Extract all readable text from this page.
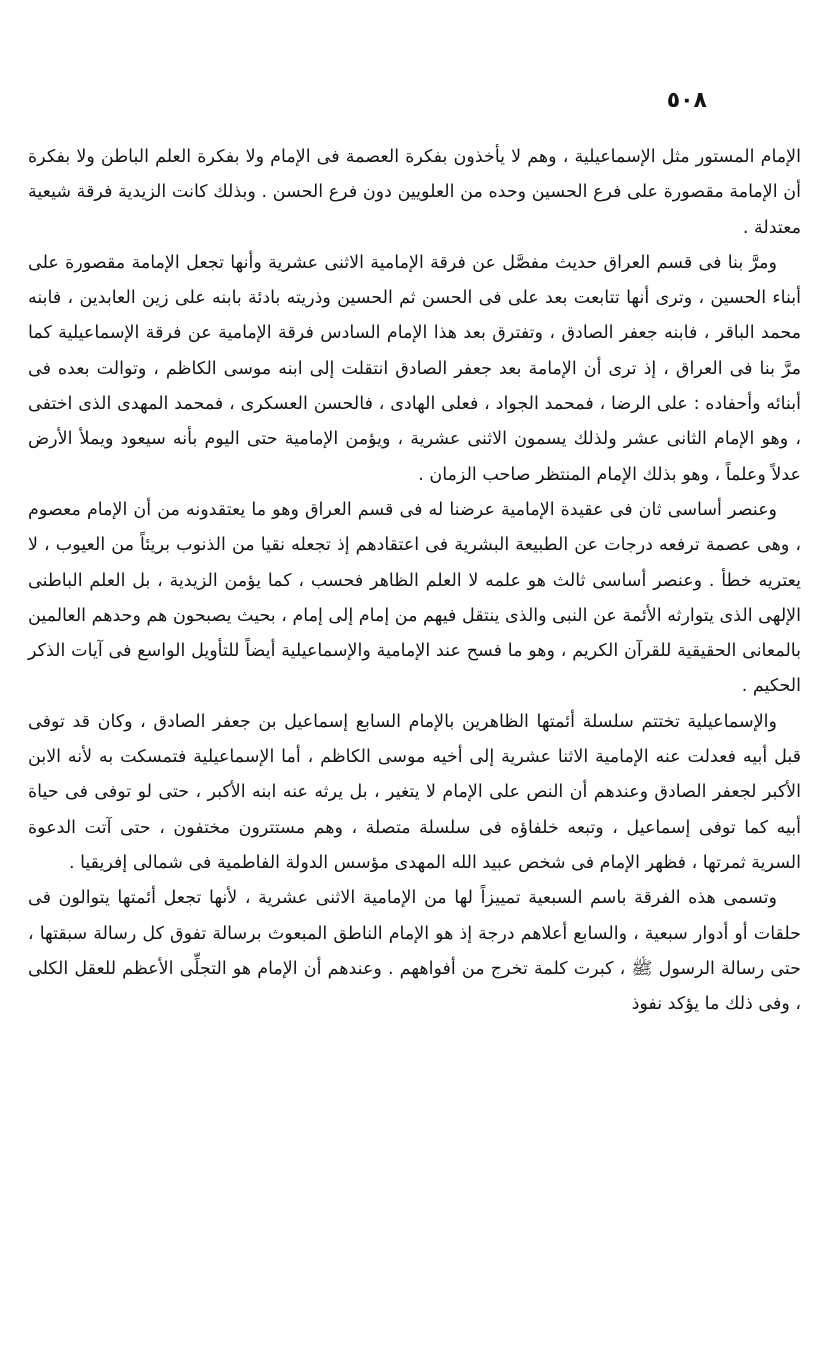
٥٠٨

الإمام المستور مثل الإسماعيلية ، وهم لا يأخذون بفكرة العصمة فى الإمام ولا بفكرة العلم الباطن ولا بفكرة أن الإمامة مقصورة على فرع الحسين وحده من العلويين دون فرع الحسن . وبذلك كانت الزيدية فرقة شيعية معتدلة .

ومرَّ بنا فى قسم العراق حديث مفصَّل عن فرقة الإمامية الاثنى عشرية وأنها تجعل الإمامة مقصورة على أبناء الحسين ، وترى أنها تتابعت بعد على فى الحسن ثم الحسين وذريته بادئة بابنه على زين العابدين ، فابنه محمد الباقر ، فابنه جعفر الصادق ، وتفترق بعد هذا الإمام السادس فرقة الإمامية عن فرقة الإسماعيلية كما مرَّ بنا فى العراق ، إذ ترى أن الإمامة بعد جعفر الصادق انتقلت إلى ابنه موسى الكاظم ، وتوالت بعده فى أبنائه وأحفاده : على الرضا ، فمحمد الجواد ، فعلى الهادى ، فالحسن العسكرى ، فمحمد المهدى الذى اختفى ، وهو الإمام الثانى عشر ولذلك يسمون الاثنى عشرية ، ويؤمن الإمامية حتى اليوم بأنه سيعود ويملأ الأرض عدلاً وعلماً ، وهو بذلك الإمام المنتظر صاحب الزمان .

وعنصر أساسى ثان فى عقيدة الإمامية عرضنا له فى قسم العراق وهو ما يعتقدونه من أن الإمام معصوم ، وهى عصمة ترفعه درجات عن الطبيعة البشرية فى اعتقادهم إذ تجعله نقيا من الذنوب بريئاً من العيوب ، لا يعتريه خطأ . وعنصر أساسى ثالث هو علمه لا العلم الظاهر فحسب ، كما يؤمن الزيدية ، بل العلم الباطنى الإلهى الذى يتوارثه الأئمة عن النبى والذى ينتقل فيهم من إمام إلى إمام ، بحيث يصبحون هم وحدهم العالمين بالمعانى الحقيقية للقرآن الكريم ، وهو ما فسح عند الإمامية والإسماعيلية أيضاً للتأويل الواسع فى آيات الذكر الحكيم .

والإسماعيلية تختتم سلسلة أئمتها الظاهرين بالإمام السابع إسماعيل بن جعفر الصادق ، وكان قد توفى قبل أبيه فعدلت عنه الإمامية الاثنا عشرية إلى أخيه موسى الكاظم ، أما الإسماعيلية فتمسكت به لأنه الابن الأكبر لجعفر الصادق وعندهم أن النص على الإمام لا يتغير ، بل يرثه عنه ابنه الأكبر ، حتى لو توفى فى حياة أبيه كما توفى إسماعيل ، وتبعه خلفاؤه فى سلسلة متصلة ، وهم مستترون مختفون ، حتى آتت الدعوة السرية ثمرتها ، فظهر الإمام فى شخص عبيد الله المهدى مؤسس الدولة الفاطمية فى شمالى إفريقيا .

وتسمى هذه الفرقة باسم السبعية تمييزاً لها من الإمامية الاثنى عشرية ، لأنها تجعل أئمتها يتوالون فى حلقات أو أدوار سبعية ، والسابع أعلاهم درجة إذ هو الإمام الناطق المبعوث برسالة تفوق كل رسالة سبقتها ، حتى رسالة الرسول ﷺ ، كبرت كلمة تخرج من أفواههم . وعندهم أن الإمام هو التجلِّى الأعظم للعقل الكلى ، وفى ذلك ما يؤكد نفوذ
